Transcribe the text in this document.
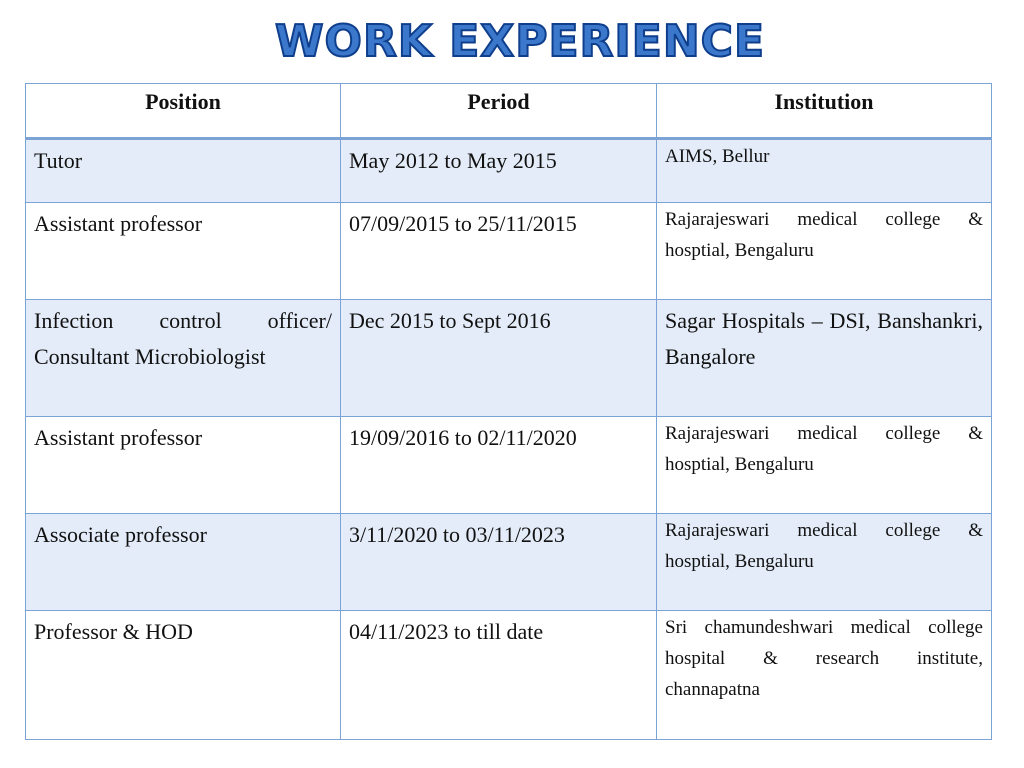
WORK EXPERIENCE
Position	Period	Institution
Tutor	May 2012 to May 2015	AIMS, Bellur
Assistant professor	07/09/2015 to 25/11/2015	Rajarajeswari medical college & hosptial, Bengaluru
Infection control officer/ Consultant Microbiologist	Dec 2015 to Sept 2016	Sagar Hospitals – DSI, Banshankri, Bangalore
Assistant professor	19/09/2016 to 02/11/2020	Rajarajeswari medical college & hosptial, Bengaluru
Associate professor	3/11/2020 to 03/11/2023	Rajarajeswari medical college & hosptial, Bengaluru
Professor & HOD	04/11/2023 to till date	Sri chamundeshwari medical college hospital & research institute, channapatna
